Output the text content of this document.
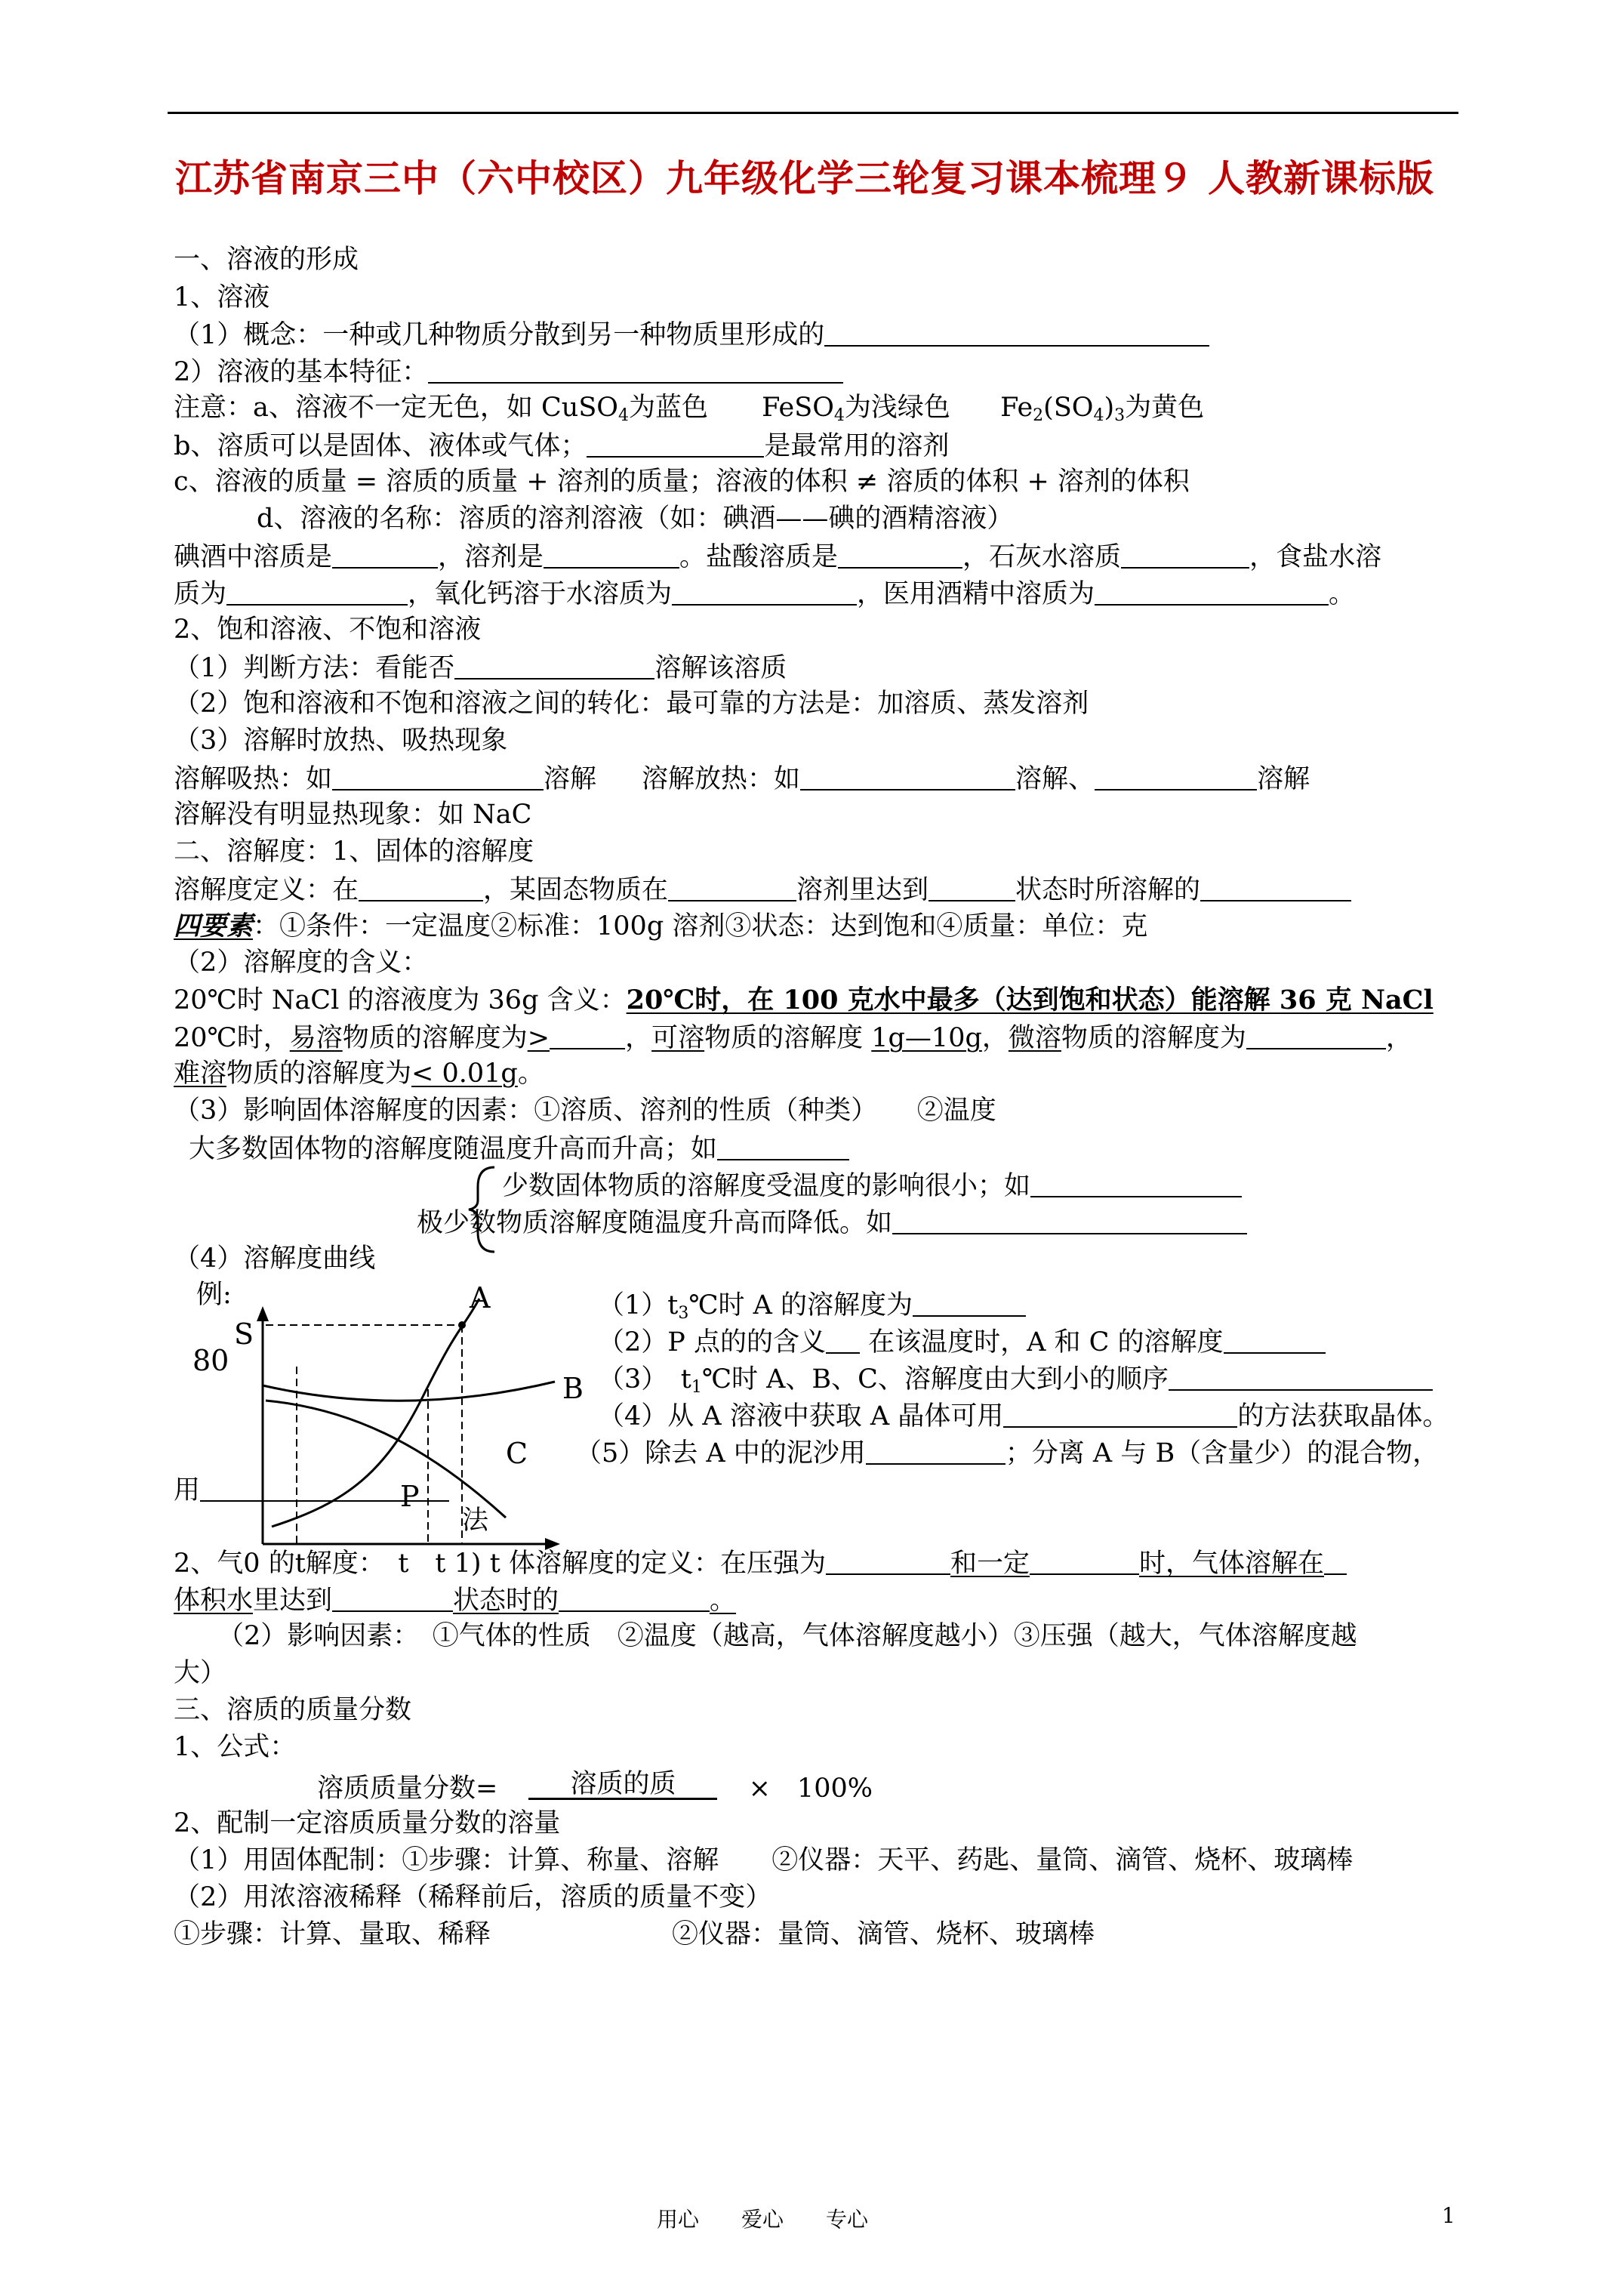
江苏省南京三中（六中校区）九年级化学三轮复习课本梳理９ 人教新课标版
一、溶液的形成
1、溶液
（1）概念：一种或几种物质分散到另一种物质里形成的
2）溶液的基本特征：
注意：a、溶液不一定无色，如 CuSO$_4$为蓝色 FeSO$_4$为浅绿色 $Fe_2(SO_4)_3$为黄色
b、溶质可以是固体、液体或气体；	是最常用的溶剂
c、溶液的质量 = 溶质的质量 + 溶剂的质量；溶液的体积 ≠ 溶质的体积 + 溶剂的体积
d、溶液的名称：溶质的溶剂溶液（如：碘酒——碘的酒精溶液）
碘酒中溶质是	，溶剂是	。盐酸溶质是	，石灰水溶质	，食盐水溶
质为	，氧化钙溶于水溶质为	，医用酒精中溶质为	。
2、饱和溶液、不饱和溶液
（1）判断方法：看能否	溶解该溶质
（2）饱和溶液和不饱和溶液之间的转化：最可靠的方法是：加溶质、蒸发溶剂
（3）溶解时放热、吸热现象
溶解吸热：如	溶解 溶解放热：如	溶解、	溶解
溶解没有明显热现象：如 NaC
二、溶解度：1、固体的溶解度
溶解度定义：在	，某固态物质在	溶剂里达到	状态时所溶解的
四要素：①条件：一定温度②标准：100g 溶剂③状态：达到饱和④质量：单位：克
（2）溶解度的含义：
20℃时 NaCl 的溶液度为 36g 含义：20℃时，在 100 克水中最多（达到饱和状态）能溶解 36 克 NaCl
20℃时，易溶物质的溶解度为>	，可溶物质的溶解度 1g—10g，微溶物质的溶解度为	，
难溶物质的溶解度为< 0.01g。
（3）影响固体溶解度的因素：①溶质、溶剂的性质（种类）　　②温度
大多数固体物的溶解度随温度升高而升高；如
少数固体物质的溶解度受温度的影响很小；如
极少数物质溶解度随温度升高而降低。如
（4）溶解度曲线
例:
S
80
A
B
C
P
法
$(1)t_3℃$时 A 的溶解度为
（2）P 点的的含义 在该温度时，A 和 C 的溶解度
（3）　$t_1℃$时 A、B、C、溶解度由大到小的顺序
（4）从 A 溶液中获取 A 晶体可用	的方法获取晶体。
（5）除去 A 中的泥沙用	；分离 A 与 B（含量少）的混合物，
用
2、气0 的t解度：　 t　 t 1) t 体溶解度的定义：在压强为	和一定	时，气体溶解在
体积水里达到	状态时的	。
（2）影响因素：　①气体的性质　②温度（越高，气体溶解度越小）③压强（越大，气体溶解度越
大）
三、溶质的质量分数
1、公式：
溶质质量分数=	溶质的质	×　100%
2、配制一定溶质质量分数的溶量
（1）用固体配制：①步骤：计算、称量、溶解　　②仪器：天平、药匙、量筒、滴管、烧杯、玻璃棒
（2）用浓溶液稀释（稀释前后，溶质的质量不变）
①步骤：计算、量取、稀释	②仪器：量筒、滴管、烧杯、玻璃棒
用心　　爱心　　专心	1
